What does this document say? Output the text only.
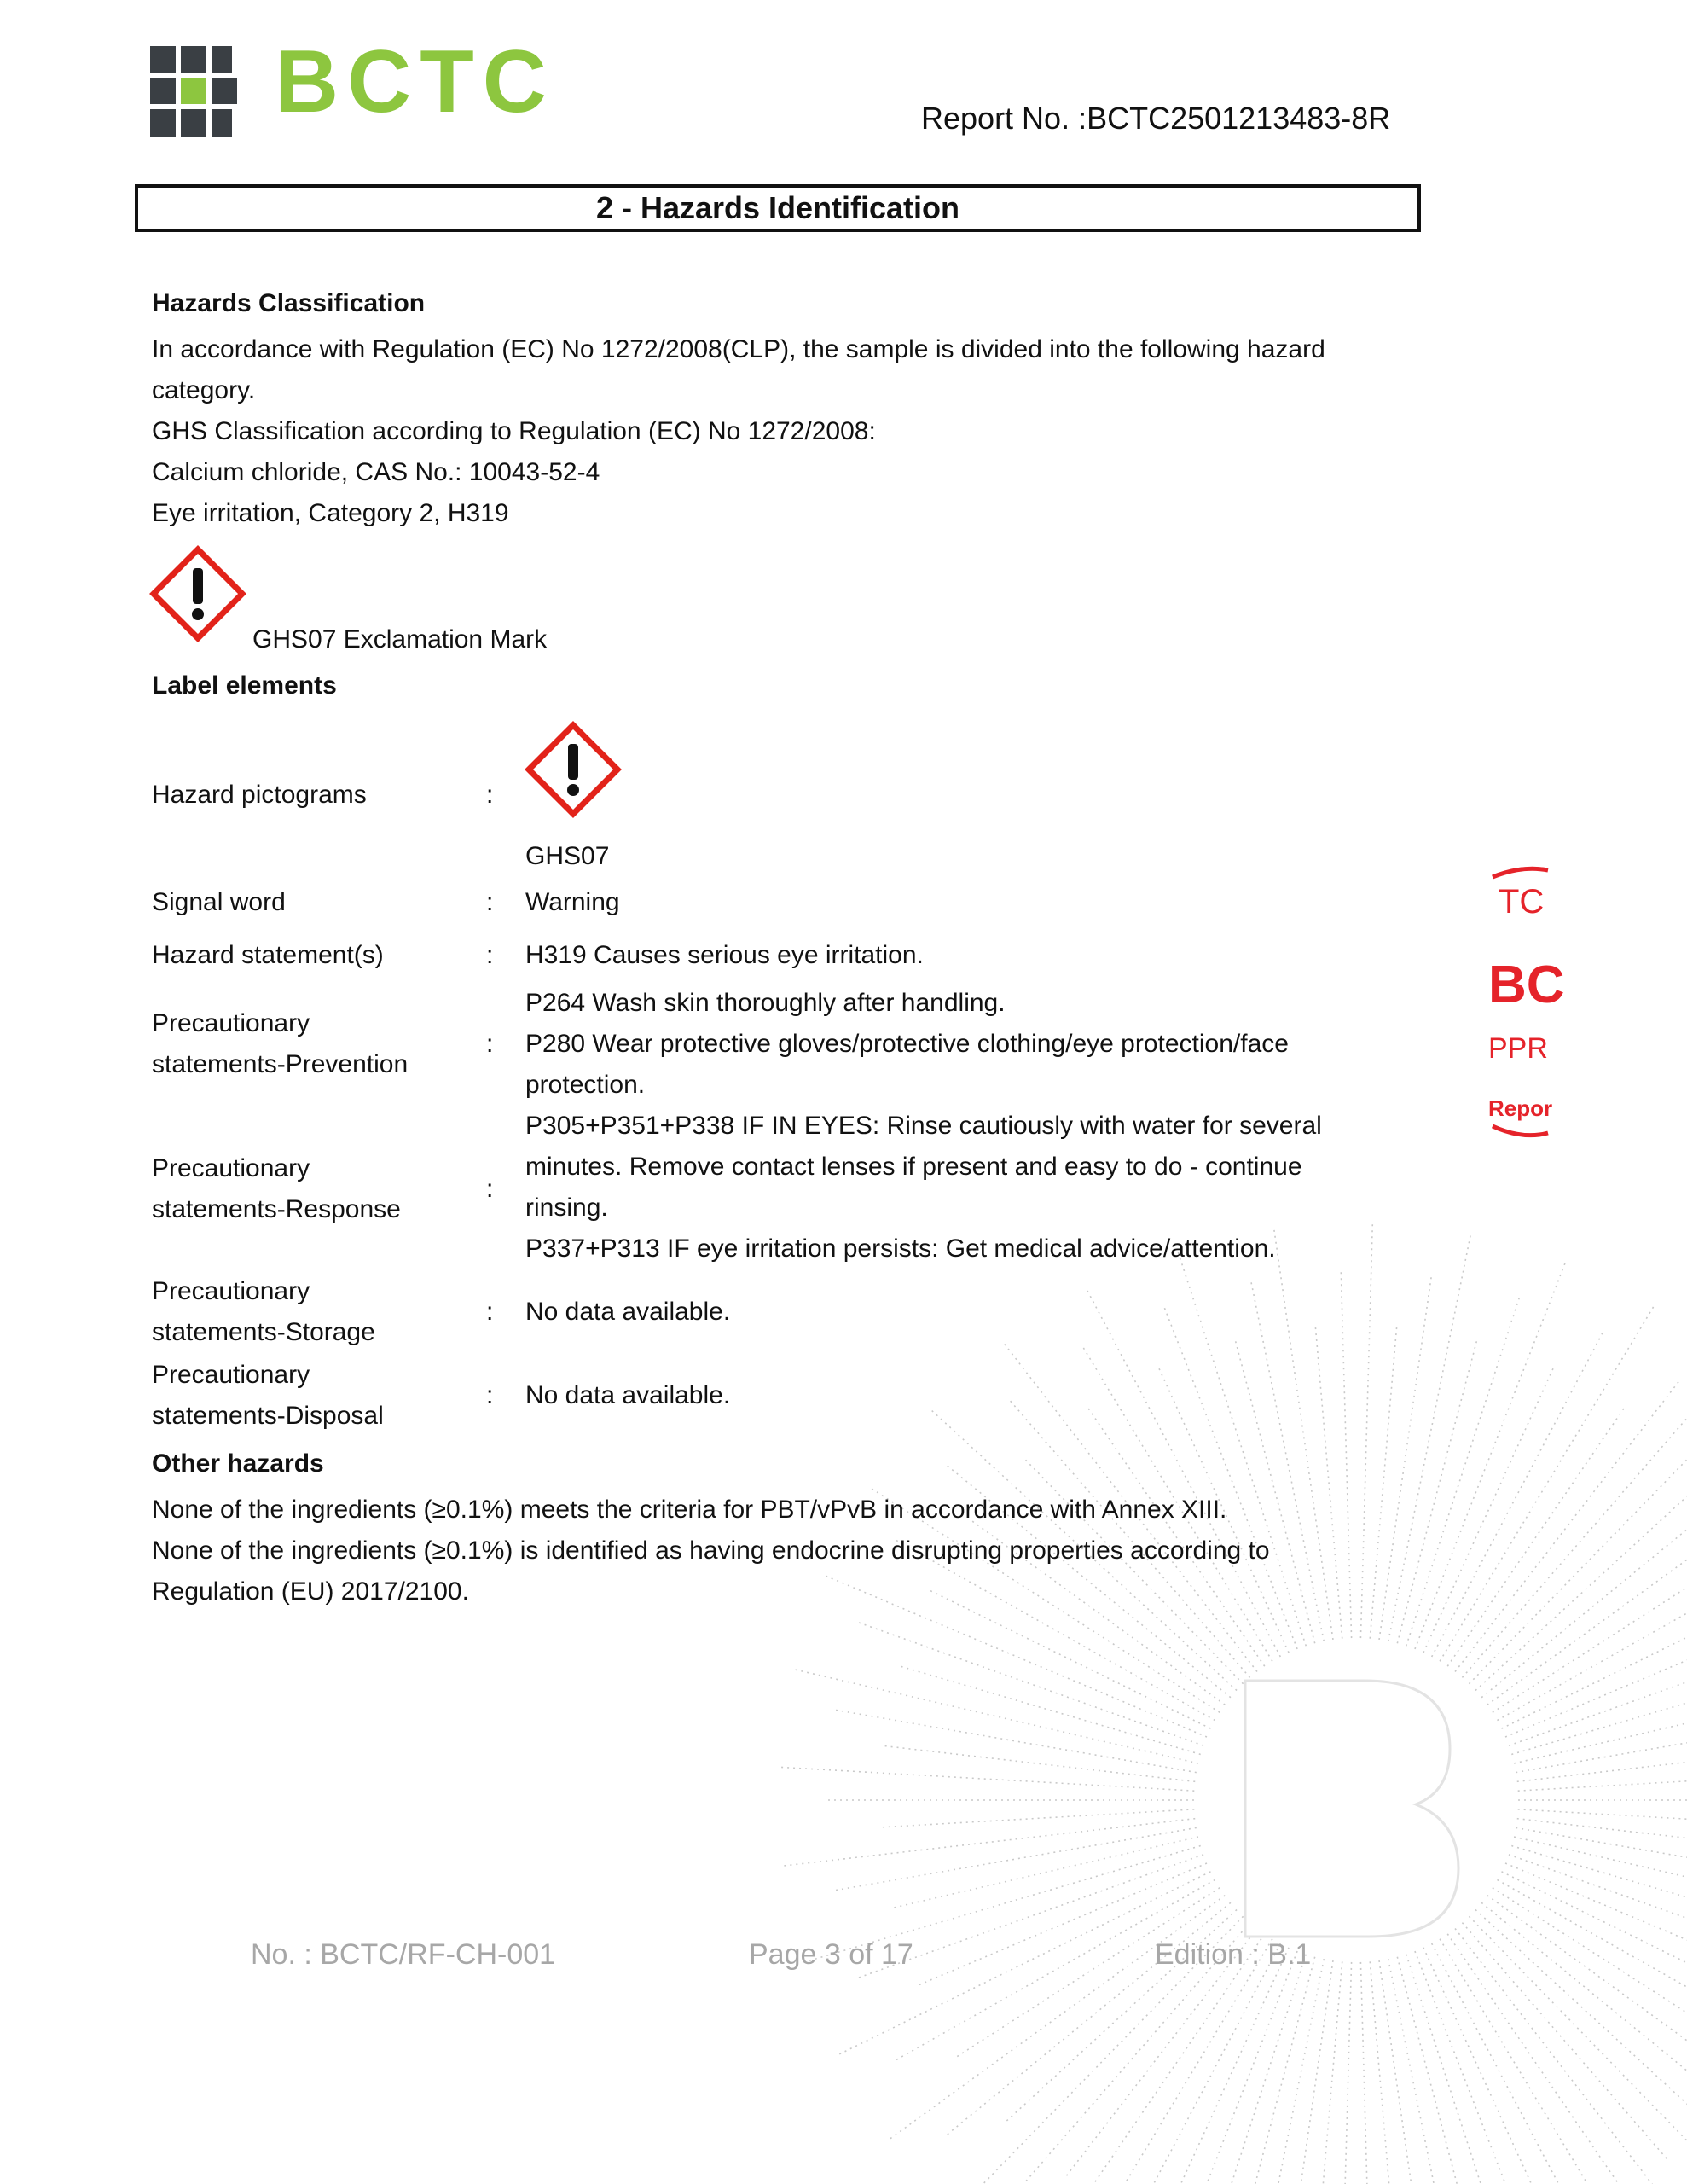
TC
BC
PPR
Repor
BCTC	Report No. :BCTC2501213483-8R
2 - Hazards Identification
Hazards Classification
In accordance with Regulation (EC) No 1272/2008(CLP), the sample is divided into the following hazard
category.
GHS Classification according to Regulation (EC) No 1272/2008:
Calcium chloride, CAS No.: 10043-52-4
Eye irritation, Category 2, H319
GHS07 Exclamation Mark
Label elements
Hazard pictograms	:
GHS07
Signal word	: Warning
Hazard statement(s)	: H319 Causes serious eye irritation.
Precautionary
statements-Prevention
:
P264 Wash skin thoroughly after handling.
P280 Wear protective gloves/protective clothing/eye protection/face
protection.
Precautionary
statements-Response
:
P305+P351+P338 IF IN EYES: Rinse cautiously with water for several
minutes. Remove contact lenses if present and easy to do - continue
rinsing.
P337+P313 IF eye irritation persists: Get medical advice/attention.
Precautionary
statements-Storage
: No data available.
Precautionary
statements-Disposal
: No data available.
Other hazards
None of the ingredients (≥0.1%) meets the criteria for PBT/vPvB in accordance with Annex XIII.
None of the ingredients (≥0.1%) is identified as having endocrine disrupting properties according to
Regulation (EU) 2017/2100.
No. : BCTC/RF-CH-001	Page 3 of 17	Edition : B.1
